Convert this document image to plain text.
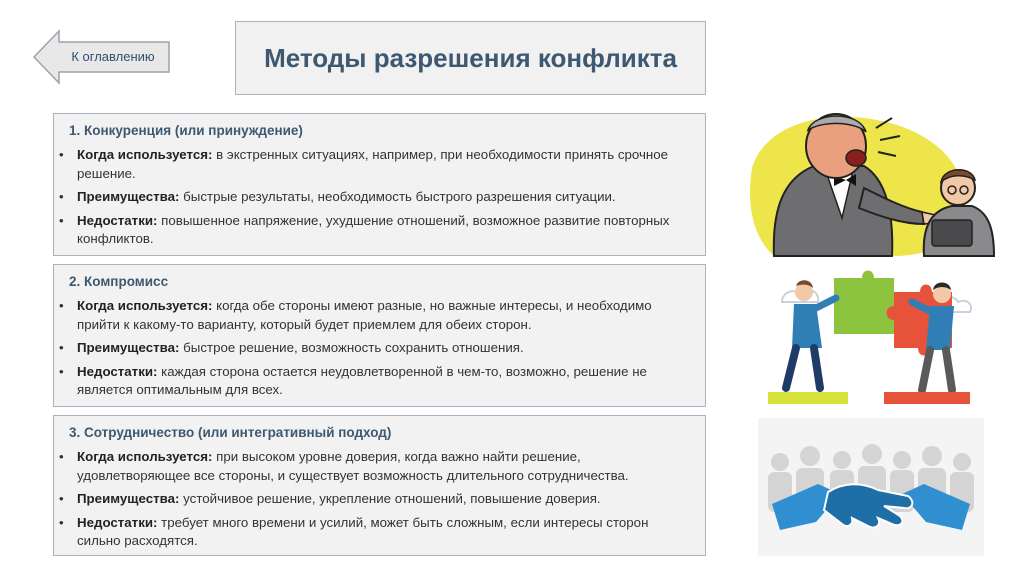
К оглавлению	Методы разрешения конфликта
1. Конкуренция (или принуждение)
• Когда используется: в экстренных ситуациях, например, при необходимости принять срочное решение.
• Преимущества: быстрые результаты, необходимость быстрого разрешения ситуации.
• Недостатки: повышенное напряжение, ухудшение отношений, возможное развитие повторных конфликтов.
2. Компромисс
• Когда используется: когда обе стороны имеют разные, но важные интересы, и необходимо прийти к какому-то варианту, который будет приемлем для обеих сторон.
• Преимущества: быстрое решение, возможность сохранить отношения.
• Недостатки: каждая сторона остается неудовлетворенной в чем-то, возможно, решение не является оптимальным для всех.
3. Сотрудничество (или интегративный подход)
• Когда используется: при высоком уровне доверия, когда важно найти решение, удовлетворяющее все стороны, и существует возможность длительного сотрудничества.
• Преимущества: устойчивое решение, укрепление отношений, повышение доверия.
• Недостатки: требует много времени и усилий, может быть сложным, если интересы сторон сильно расходятся.
